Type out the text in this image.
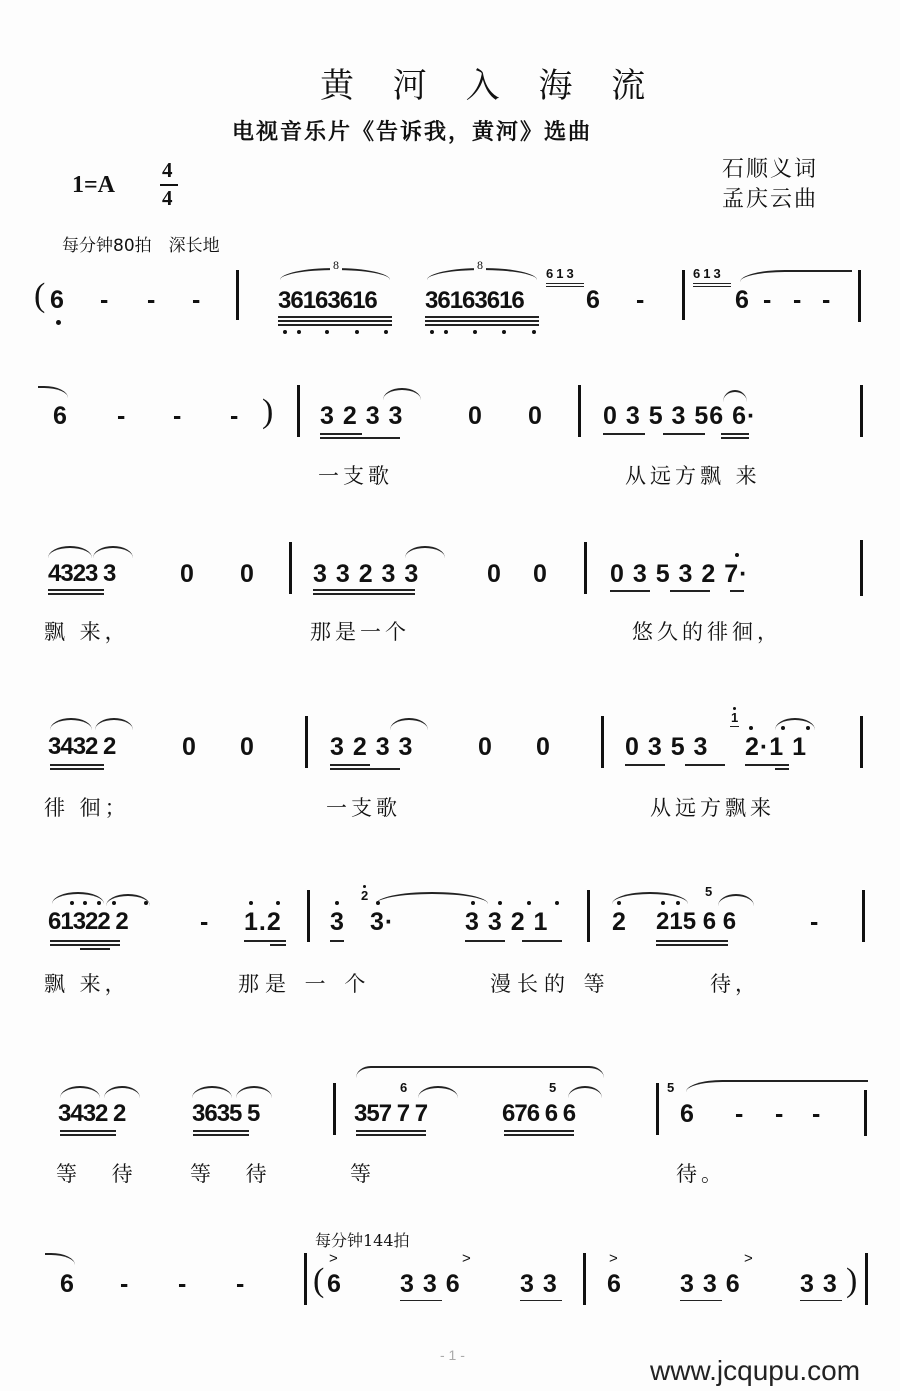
黄 河 入 海 流
电视音乐片《告诉我，黄河》选曲
1=A
4
4
石顺义词
孟庆云曲
每分钟80拍　深长地
( 6 - - -
8
36163616
8
36163616
613
6 -
613
6 - - -
6 - - - ) 3 2 3 3	0 0 0 3 5 3 56 6·
一支歌	从远方飘 来
4323 3	0 0 3 3 2 3 3	0 0 0 3 5 3 2 7·
飘 来，	那是一个	悠久的徘徊，
3432 2	0 0	3 2 3 3	0 0	0 3 5 3
1
2·1 1
徘 徊；	一支歌	从远方飘来
61322 2	- 1.2 3
2
3·	3 3 2 1	2 215 6 6
5
-
飘 来，	那是 一 个	漫长的 等	待，
3432 2	3635 5	357 7 7
6
676 6 6
5	5
6 - - -
等 待 等 待	等	待。
每分钟144拍
6 - - - (
>
6
>
3 3 6 3 3
>
6
>
3 3 6 3 3 )
- 1 -	www.jcqupu.com
